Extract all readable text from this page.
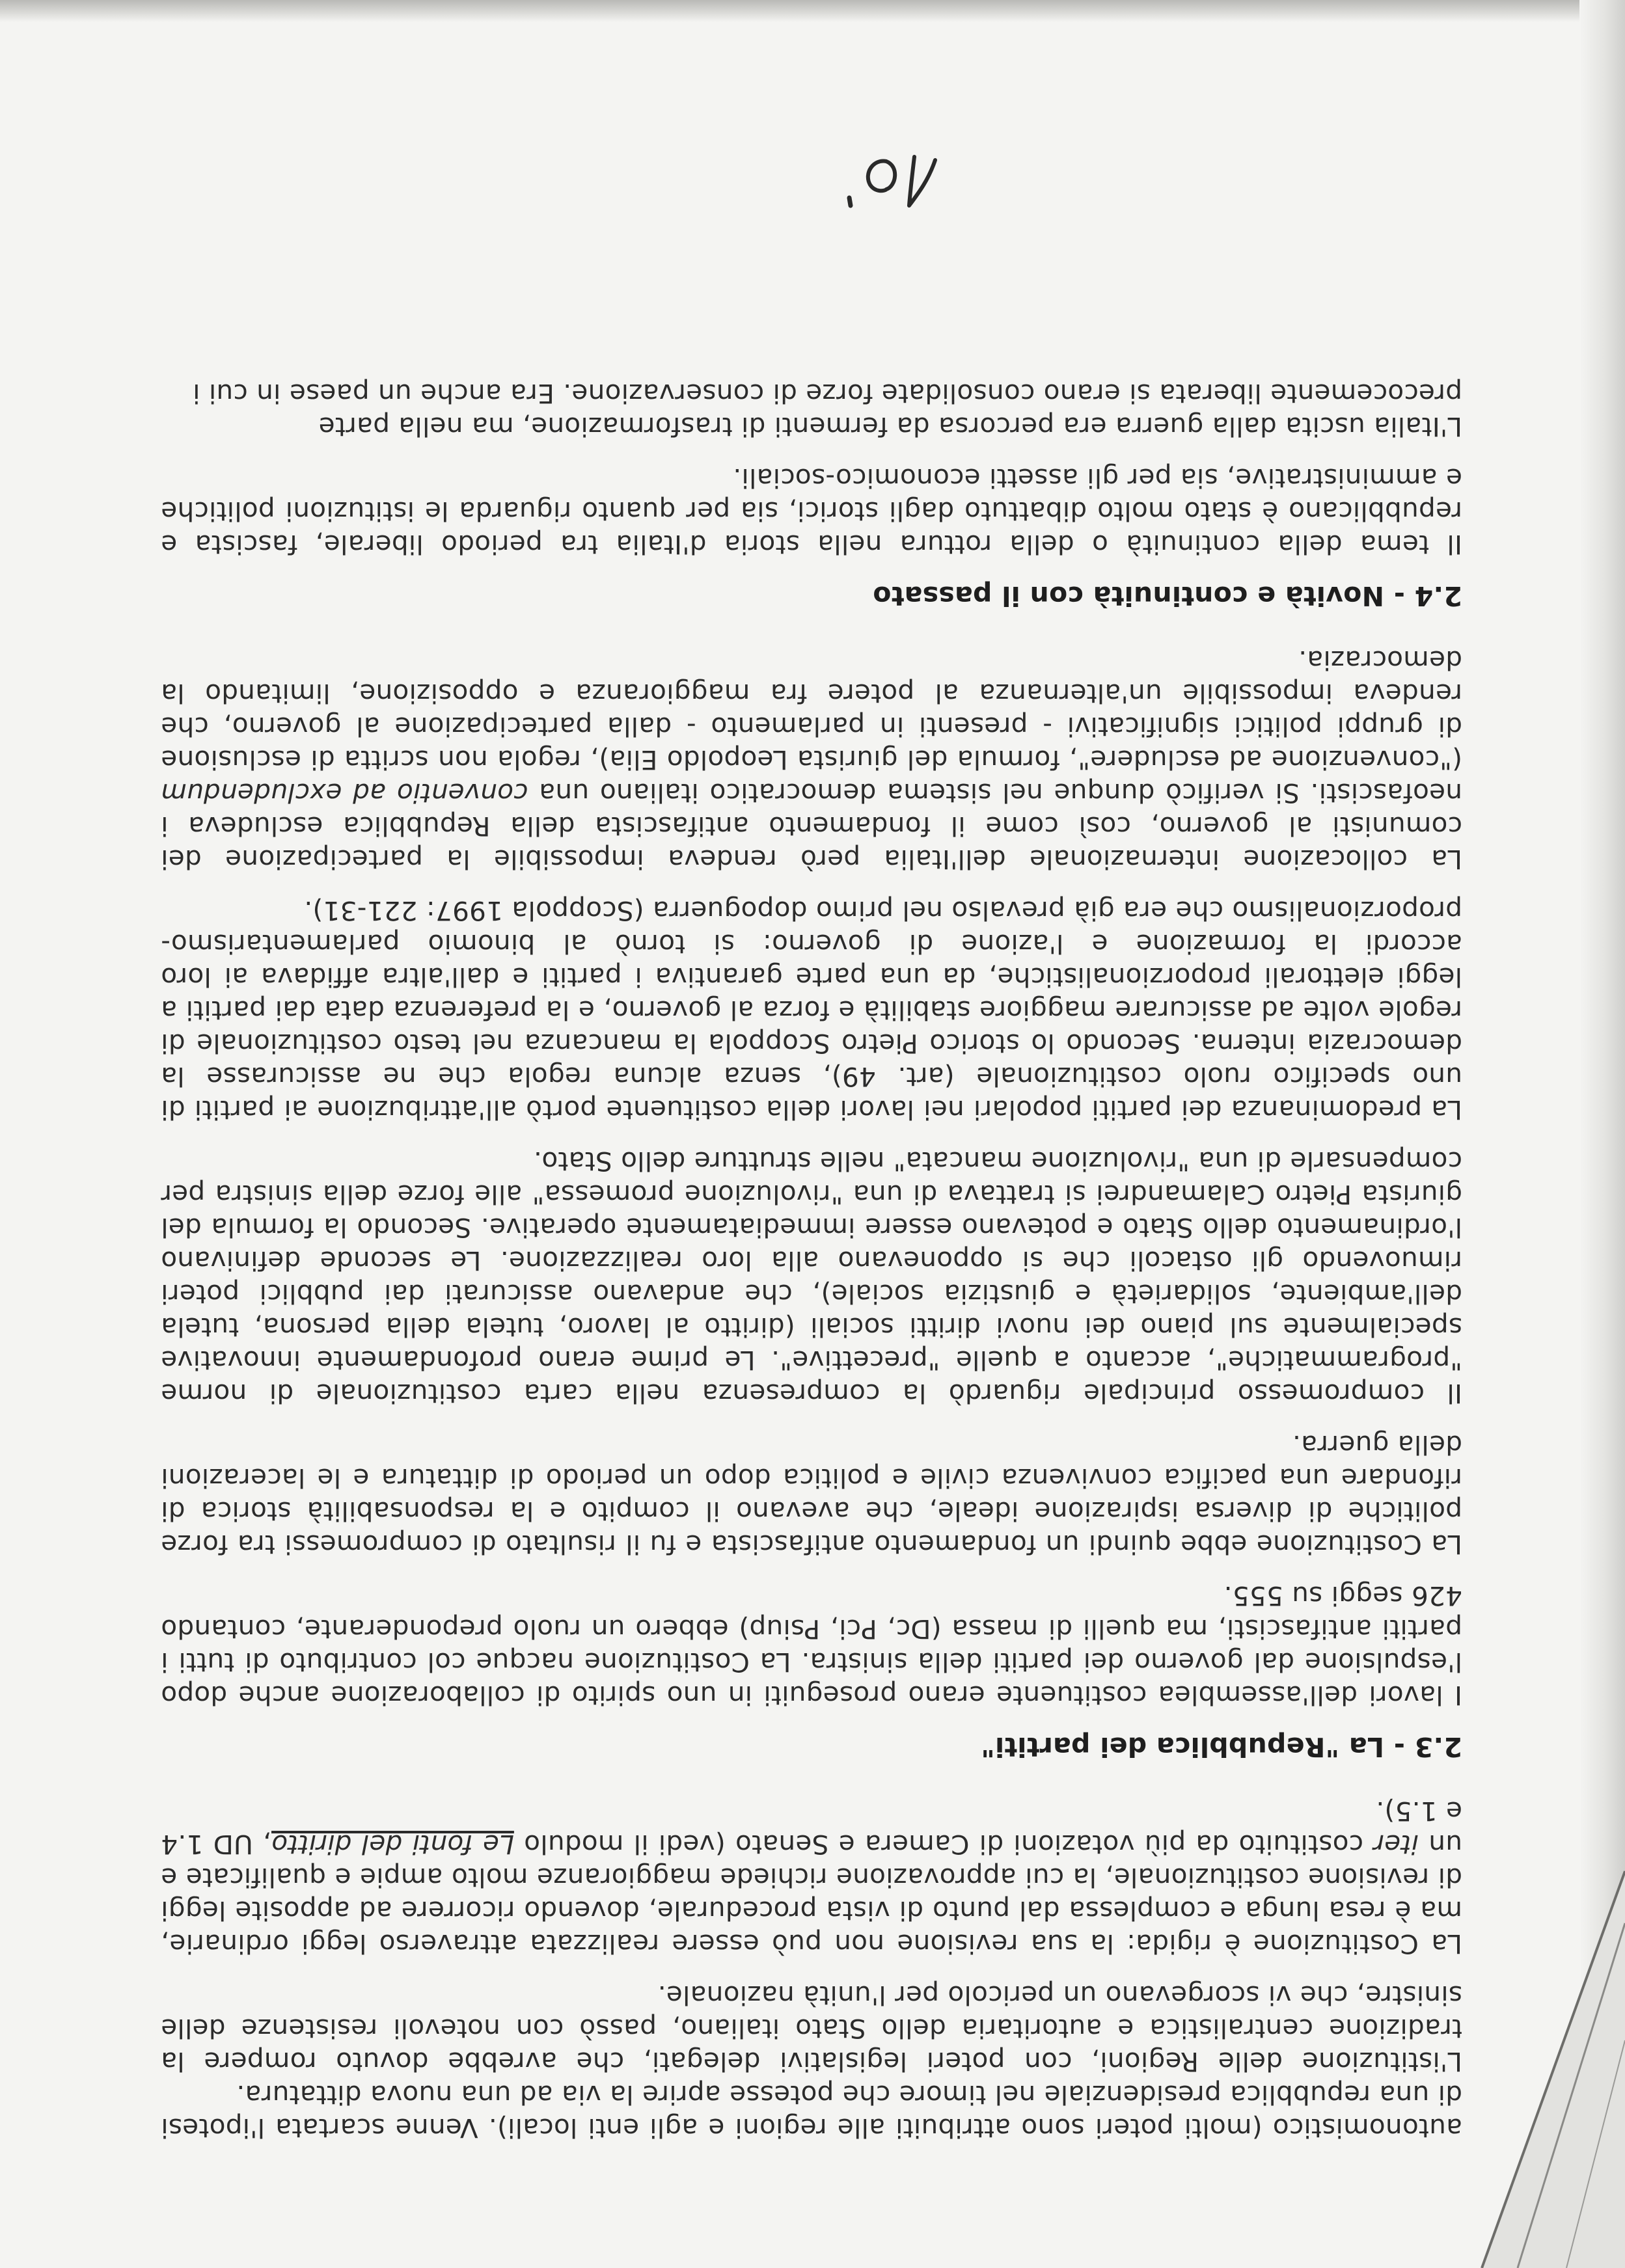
autonomistico (molti poteri sono attribuiti alle regioni e agli enti locali). Venne scartata l'ipotesi di una repubblica presidenziale nel timore che potesse aprire la via ad una nuova dittatura.

L'istituzione delle Regioni, con poteri legislativi delegati, che avrebbe dovuto rompere la tradizione centralistica e autoritaria dello Stato italiano, passò con notevoli resistenze delle sinistre, che vi scorgevano un pericolo per l'unità nazionale.

La Costituzione è rigida: la sua revisione non può essere realizzata attraverso leggi ordinarie, ma è resa lunga e complessa dal punto di vista procedurale, dovendo ricorrere ad apposite leggi di revisione costituzionale, la cui approvazione richiede maggioranze molto ampie e qualificate e un iter costituito da più votazioni di Camera e Senato (vedi il modulo Le fonti del diritto, UD 1.4 e 1.5).

2.3 - La "Repubblica dei partiti"

I lavori dell'assemblea costituente erano proseguiti in uno spirito di collaborazione anche dopo l'espulsione dal governo dei partiti della sinistra. La Costituzione nacque col contributo di tutti i partiti antifascisti, ma quelli di massa (Dc, Pci, Psiup) ebbero un ruolo preponderante, contando 426 seggi su 555.

La Costituzione ebbe quindi un fondamento antifascista e fu il risultato di compromessi tra forze politiche di diversa ispirazione ideale, che avevano il compito e la responsabilità storica di rifondare una pacifica convivenza civile e politica dopo un periodo di dittatura e le lacerazioni della guerra.

Il compromesso principale riguardò la compresenza nella carta costituzionale di norme "programmatiche", accanto a quelle "precettive". Le prime erano profondamente innovative specialmente sul piano dei nuovi diritti sociali (diritto al lavoro, tutela della persona, tutela dell'ambiente, solidarietà e giustizia sociale), che andavano assicurati dai pubblici poteri rimuovendo gli ostacoli che si opponevano alla loro realizzazione. Le seconde definivano l'ordinamento dello Stato e potevano essere immediatamente operative. Secondo la formula del giurista Pietro Calamandrei si trattava di una "rivoluzione promessa" alle forze della sinistra per compensarle di una "rivoluzione mancata" nelle strutture dello Stato.

La predominanza dei partiti popolari nei lavori della costituente portò all'attribuzione ai partiti di uno specifico ruolo costituzionale (art. 49), senza alcuna regola che ne assicurasse la democrazia interna. Secondo lo storico Pietro Scoppola la mancanza nel testo costituzionale di regole volte ad assicurare maggiore stabilità e forza al governo, e la preferenza data dai partiti a leggi elettorali proporzionalistiche, da una parte garantiva i partiti e dall'altra affidava ai loro accordi la formazione e l'azione di governo: si tornò al binomio parlamentarismo-proporzionalismo che era già prevalso nel primo dopoguerra (Scoppola 1997: 221-31).

La collocazione internazionale dell'Italia però rendeva impossibile la partecipazione dei comunisti al governo, così come il fondamento antifascista della Repubblica escludeva i neofascisti. Si verificò dunque nel sistema democratico italiano una conventio ad excludendum ("convenzione ad escludere", formula del giurista Leopoldo Elia), regola non scritta di esclusione di gruppi politici significativi - presenti in parlamento - dalla partecipazione al governo, che rendeva impossibile un'alternanza al potere fra maggioranza e opposizione, limitando la democrazia.

2.4 - Novità e continuità con il passato

Il tema della continuità o della rottura nella storia d'Italia tra periodo liberale, fascista e repubblicano è stato molto dibattuto dagli storici, sia per quanto riguarda le istituzioni politiche e amministrative, sia per gli assetti economico-sociali.

L'Italia uscita dalla guerra era percorsa da fermenti di trasformazione, ma nella parte precocemente liberata si erano consolidate forze di conservazione. Era anche un paese in cui i
